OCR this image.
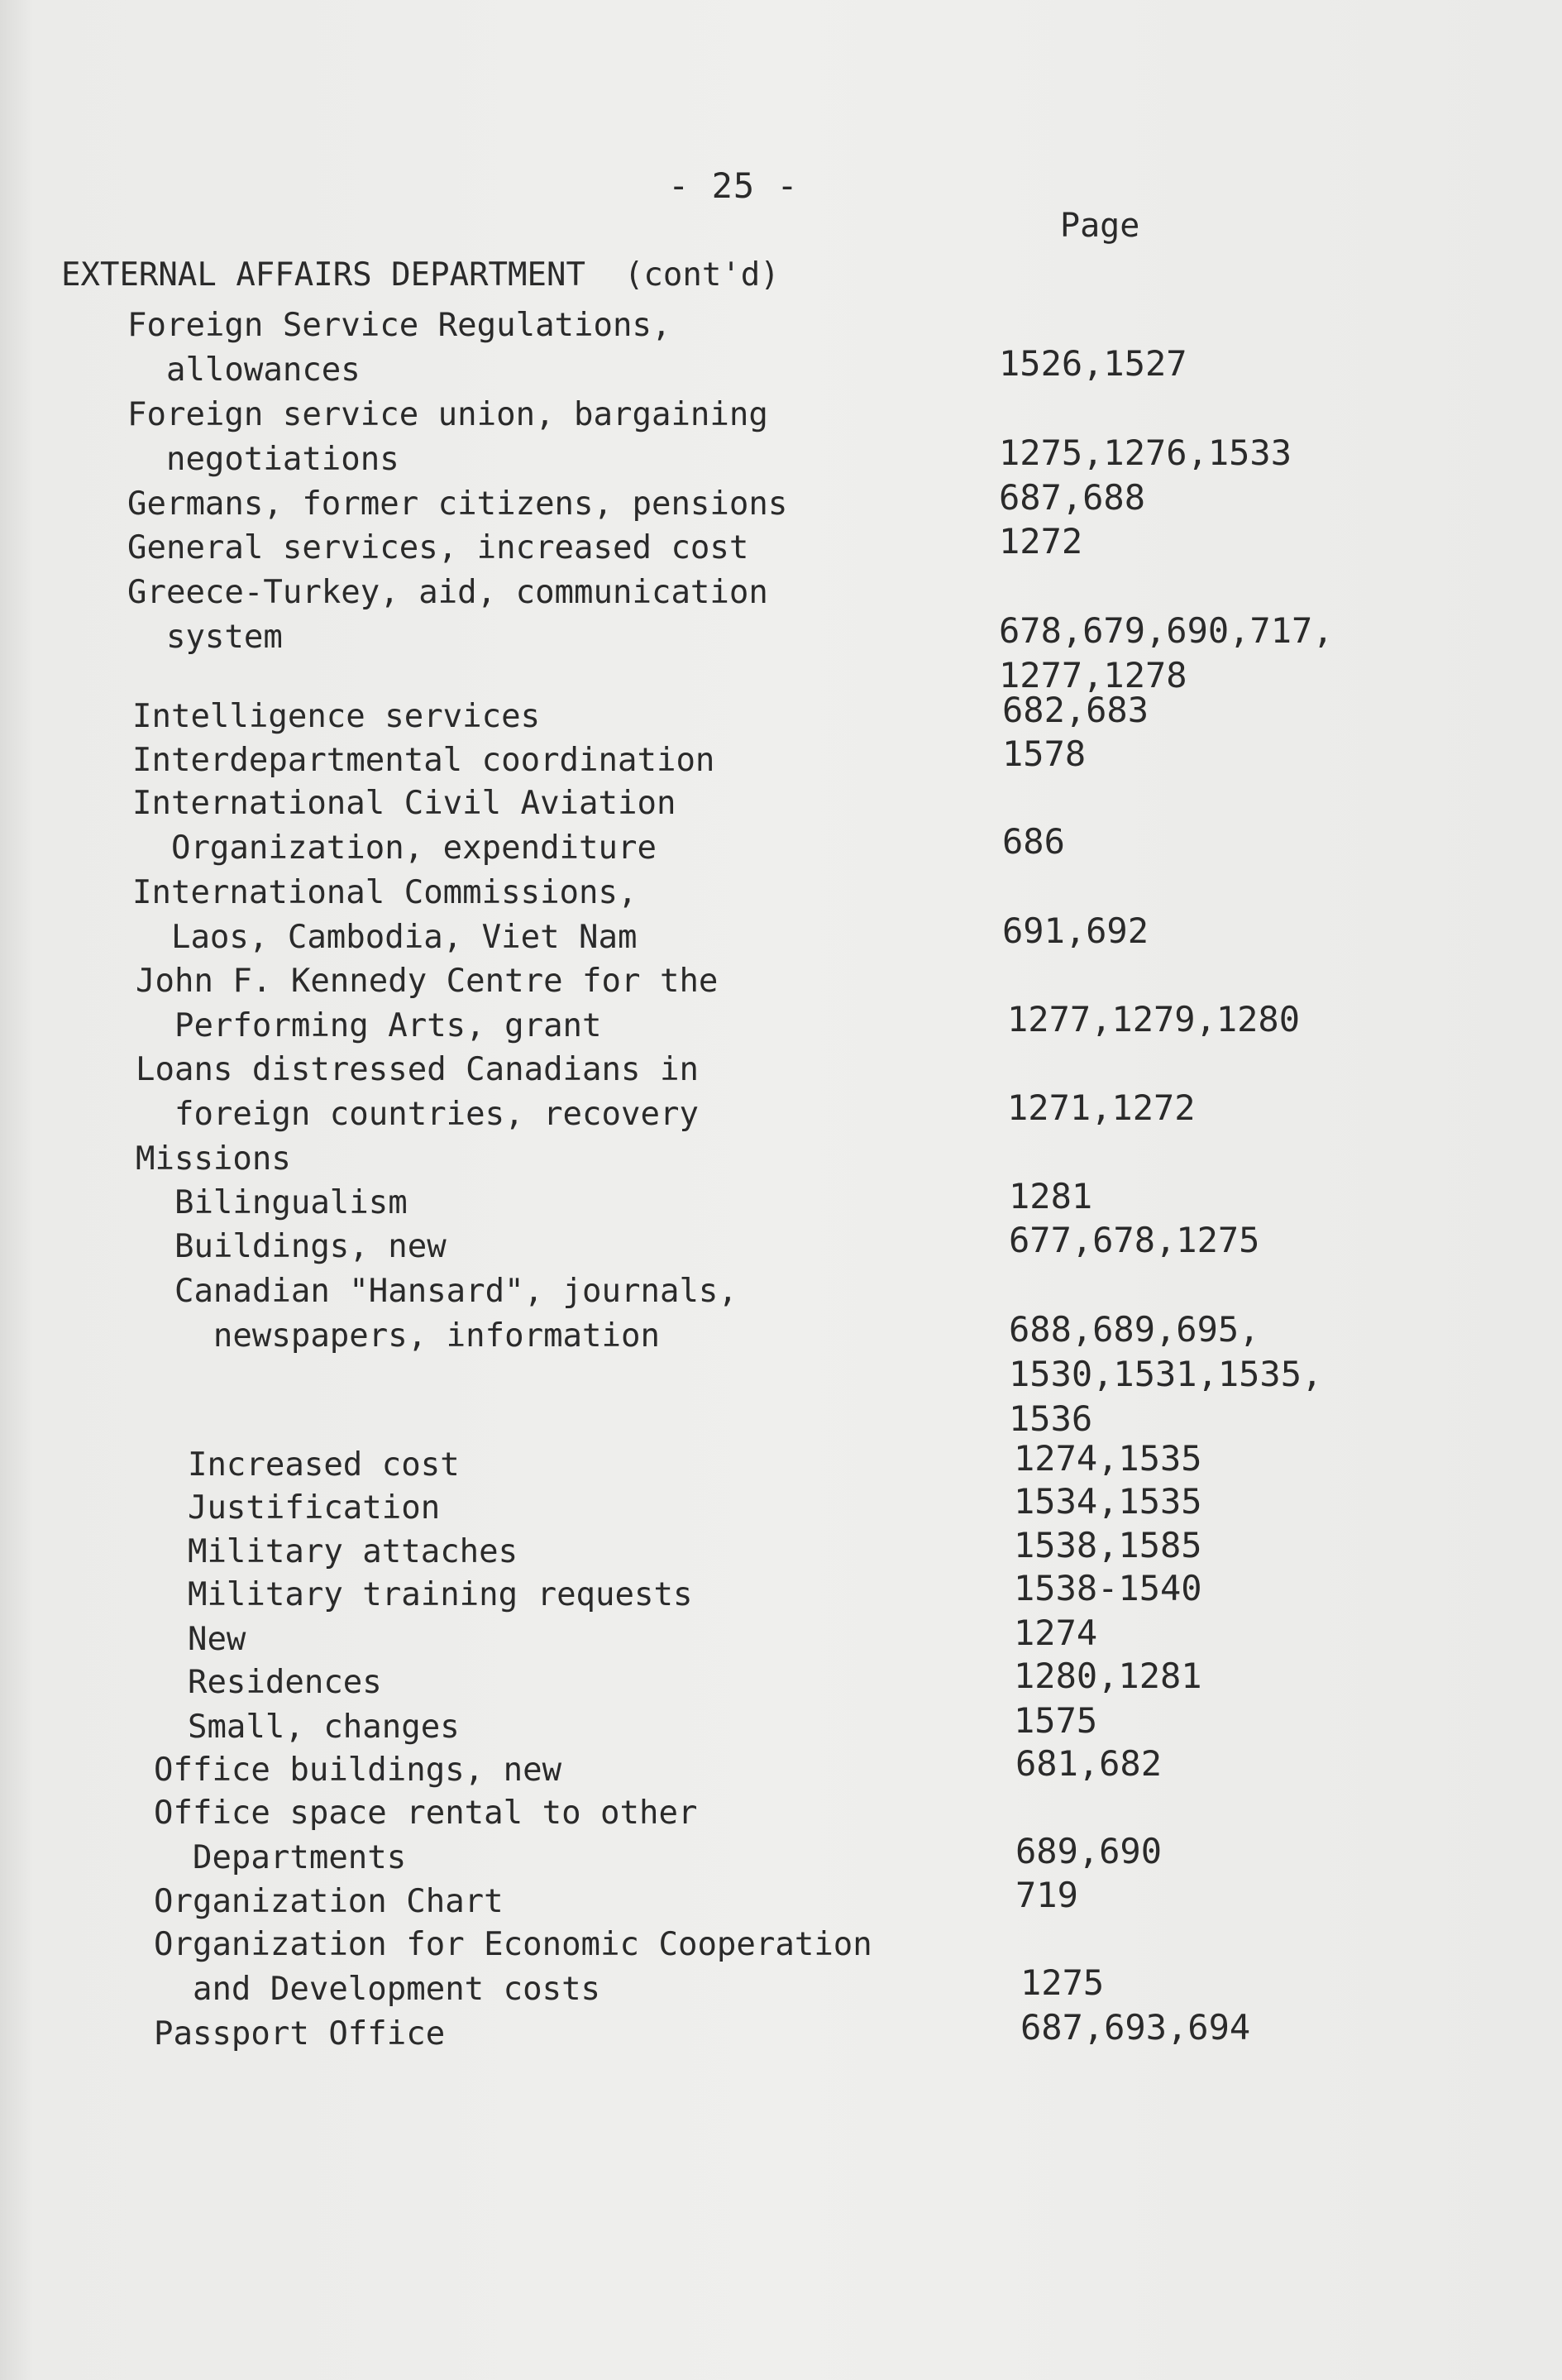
- 25 -
Page
EXTERNAL AFFAIRS DEPARTMENT  (cont'd)
Foreign Service Regulations,
allowances	1526,1527
Foreign service union, bargaining
negotiations	1275,1276,1533
Germans, former citizens, pensions	687,688
General services, increased cost	1272
Greece-Turkey, aid, communication
system	678,679,690,717,
1277,1278
Intelligence services	682,683
Interdepartmental coordination	1578
International Civil Aviation
Organization, expenditure	686
International Commissions,
Laos, Cambodia, Viet Nam	691,692
John F. Kennedy Centre for the
Performing Arts, grant	1277,1279,1280
Loans distressed Canadians in
foreign countries, recovery	1271,1272
Missions
Bilingualism	1281
Buildings, new	677,678,1275
Canadian "Hansard", journals,
newspapers, information	688,689,695,
1530,1531,1535,
1536
Increased cost	1274,1535
Justification	1534,1535
Military attaches	1538,1585
Military training requests	1538-1540
New	1274
Residences	1280,1281
Small, changes	1575
Office buildings, new	681,682
Office space rental to other
Departments	689,690
Organization Chart	719
Organization for Economic Cooperation
and Development costs	1275
Passport Office	687,693,694
